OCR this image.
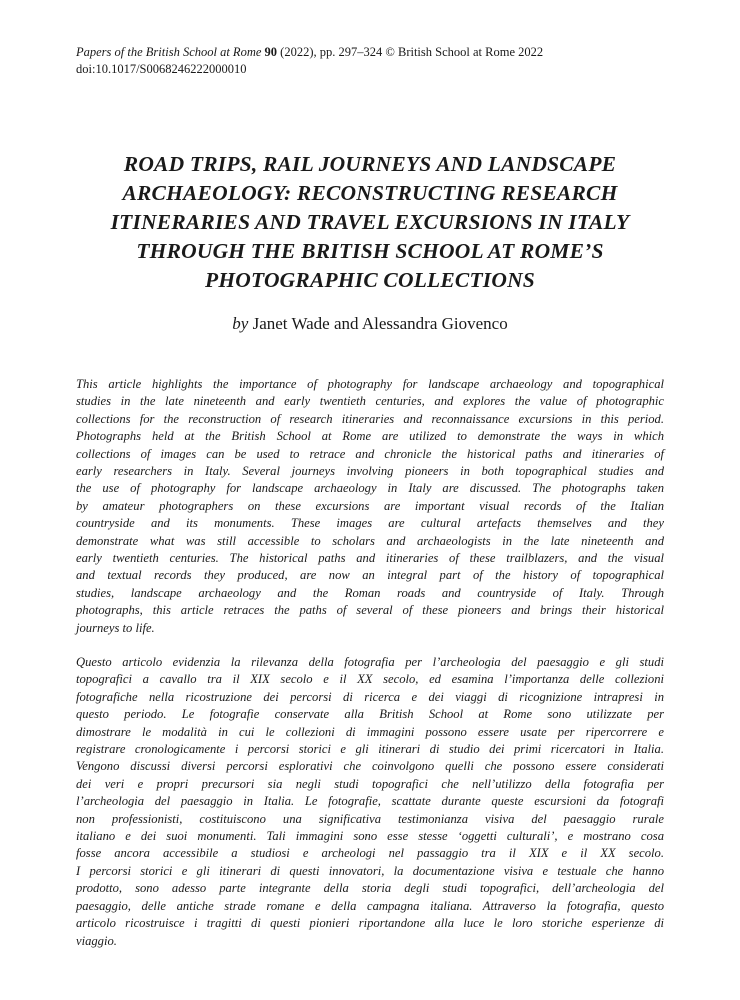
Papers of the British School at Rome 90 (2022), pp. 297–324 © British School at Rome 2022
doi:10.1017/S0068246222000010
ROAD TRIPS, RAIL JOURNEYS AND LANDSCAPE
ARCHAEOLOGY: RECONSTRUCTING RESEARCH
ITINERARIES AND TRAVEL EXCURSIONS IN ITALY
THROUGH THE BRITISH SCHOOL AT ROME’S
PHOTOGRAPHIC COLLECTIONS
by Janet Wade and Alessandra Giovenco
This article highlights the importance of photography for landscape archaeology and topographical
studies in the late nineteenth and early twentieth centuries, and explores the value of photographic
collections for the reconstruction of research itineraries and reconnaissance excursions in this period.
Photographs held at the British School at Rome are utilized to demonstrate the ways in which
collections of images can be used to retrace and chronicle the historical paths and itineraries of
early researchers in Italy. Several journeys involving pioneers in both topographical studies and
the use of photography for landscape archaeology in Italy are discussed. The photographs taken
by amateur photographers on these excursions are important visual records of the Italian
countryside and its monuments. These images are cultural artefacts themselves and they
demonstrate what was still accessible to scholars and archaeologists in the late nineteenth and
early twentieth centuries. The historical paths and itineraries of these trailblazers, and the visual
and textual records they produced, are now an integral part of the history of topographical
studies, landscape archaeology and the Roman roads and countryside of Italy. Through
photographs, this article retraces the paths of several of these pioneers and brings their historical
journeys to life.
Questo articolo evidenzia la rilevanza della fotografia per l’archeologia del paesaggio e gli studi
topografici a cavallo tra il XIX secolo e il XX secolo, ed esamina l’importanza delle collezioni
fotografiche nella ricostruzione dei percorsi di ricerca e dei viaggi di ricognizione intrapresi in
questo periodo. Le fotografie conservate alla British School at Rome sono utilizzate per
dimostrare le modalità in cui le collezioni di immagini possono essere usate per ripercorrere e
registrare cronologicamente i percorsi storici e gli itinerari di studio dei primi ricercatori in Italia.
Vengono discussi diversi percorsi esplorativi che coinvolgono quelli che possono essere considerati
dei veri e propri precursori sia negli studi topografici che nell’utilizzo della fotografia per
l’archeologia del paesaggio in Italia. Le fotografie, scattate durante queste escursioni da fotografi
non professionisti, costituiscono una significativa testimonianza visiva del paesaggio rurale
italiano e dei suoi monumenti. Tali immagini sono esse stesse ‘oggetti culturali’, e mostrano cosa
fosse ancora accessibile a studiosi e archeologi nel passaggio tra il XIX e il XX secolo.
I percorsi storici e gli itinerari di questi innovatori, la documentazione visiva e testuale che hanno
prodotto, sono adesso parte integrante della storia degli studi topografici, dell’archeologia del
paesaggio, delle antiche strade romane e della campagna italiana. Attraverso la fotografia, questo
articolo ricostruisce i tragitti di questi pionieri riportandone alla luce le loro storiche esperienze di
viaggio.
